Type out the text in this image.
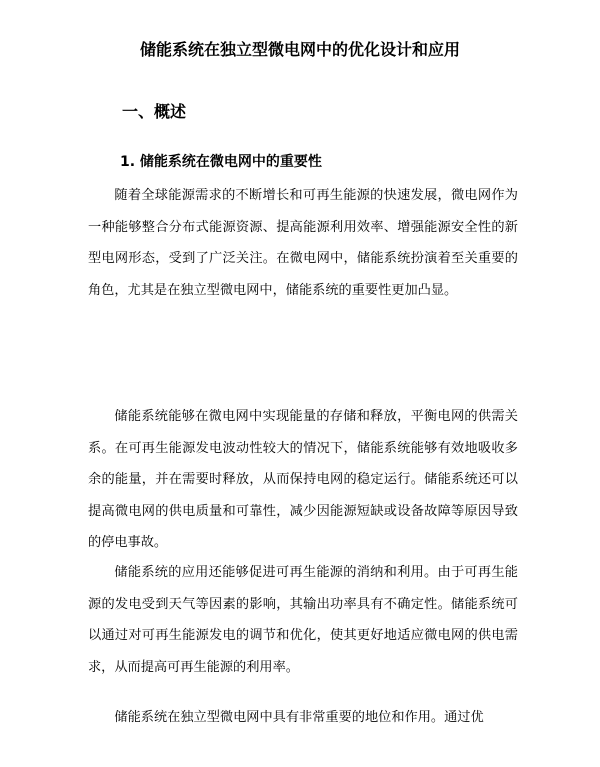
储能系统在独立型微电网中的优化设计和应用
一、概述
1. 储能系统在微电网中的重要性

随着全球能源需求的不断增长和可再生能源的快速发展，微电网作为一种能够整合分布式能源资源、提高能源利用效率、增强能源安全性的新型电网形态，受到了广泛关注。在微电网中，储能系统扮演着至关重要的角色，尤其是在独立型微电网中，储能系统的重要性更加凸显。

储能系统能够在微电网中实现能量的存储和释放，平衡电网的供需关系。在可再生能源发电波动性较大的情况下，储能系统能够有效地吸收多余的能量，并在需要时释放，从而保持电网的稳定运行。储能系统还可以提高微电网的供电质量和可靠性，减少因能源短缺或设备故障等原因导致的停电事故。

储能系统的应用还能够促进可再生能源的消纳和利用。由于可再生能源的发电受到天气等因素的影响，其输出功率具有不确定性。储能系统可以通过对可再生能源发电的调节和优化，使其更好地适应微电网的供电需求，从而提高可再生能源的利用率。

储能系统在独立型微电网中具有非常重要的地位和作用。通过优
